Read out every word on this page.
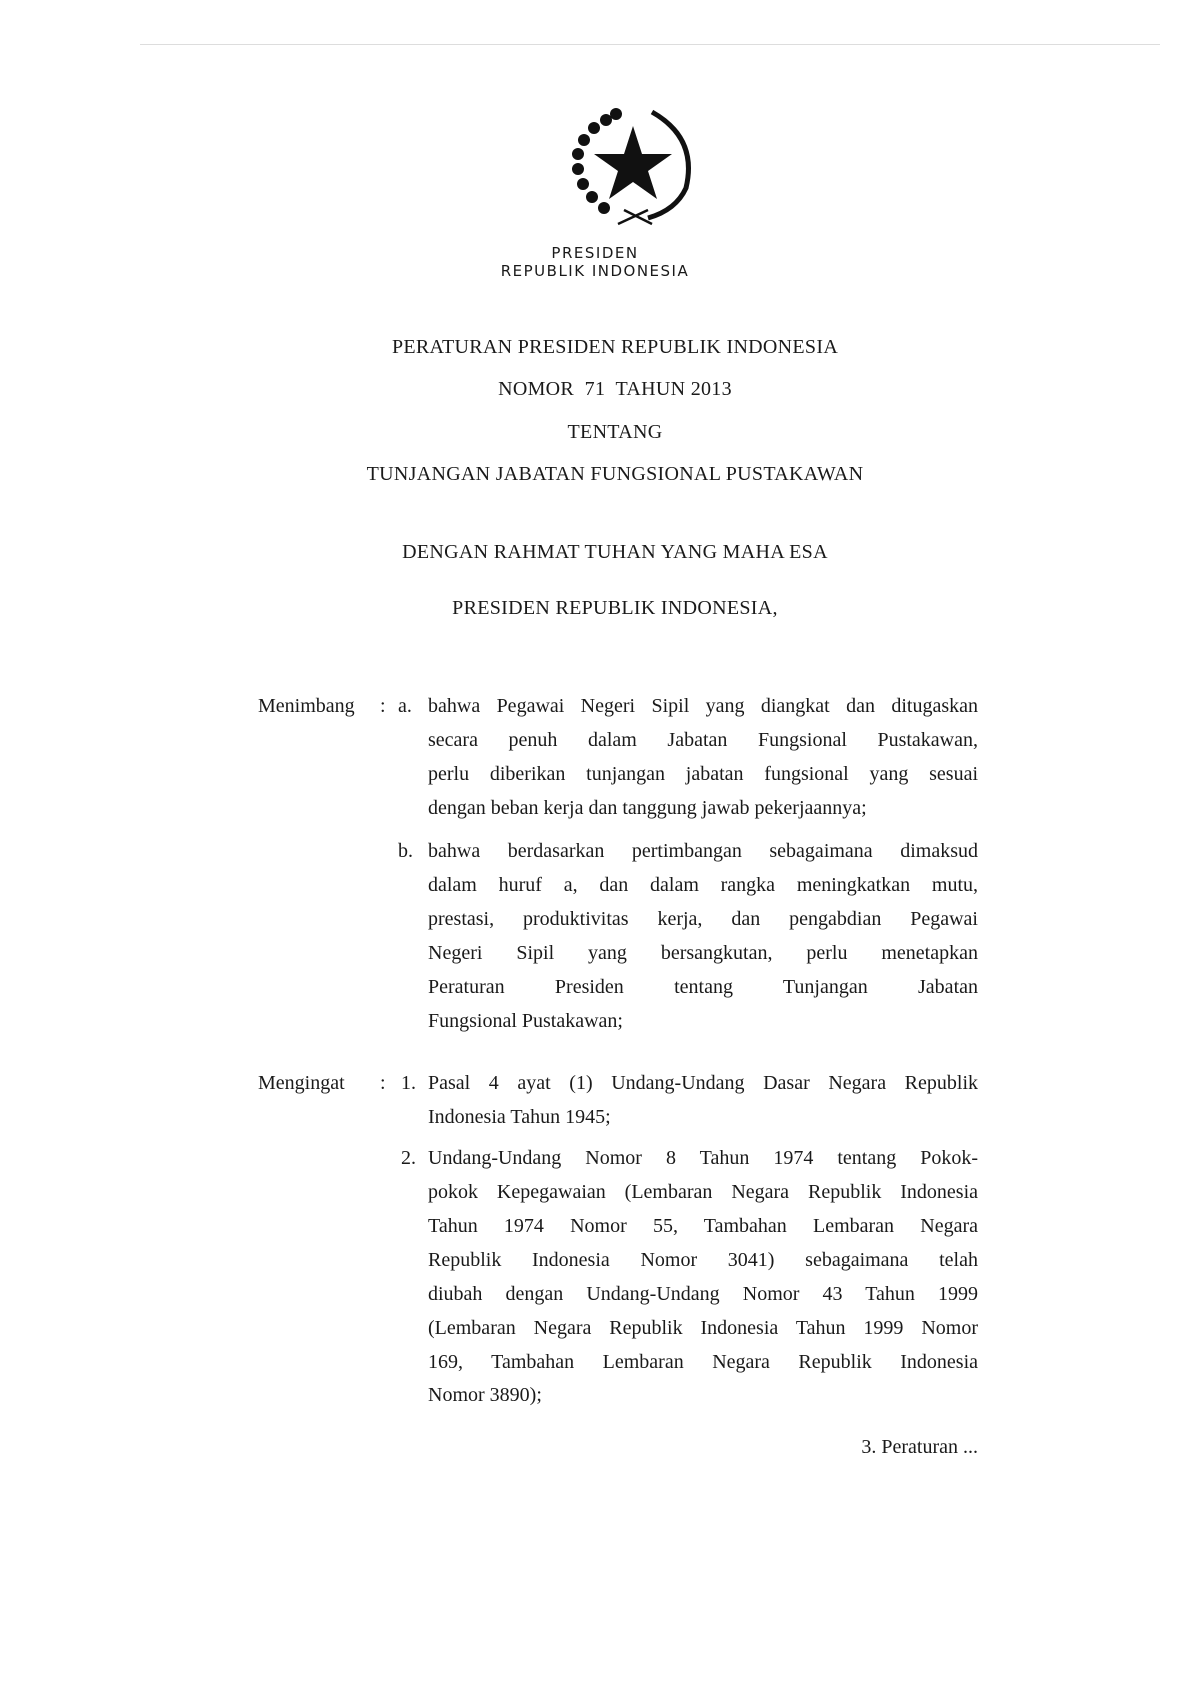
PRESIDEN
REPUBLIK INDONESIA
PERATURAN PRESIDEN REPUBLIK INDONESIA
NOMOR  71  TAHUN 2013
TENTANG
TUNJANGAN JABATAN FUNGSIONAL PUSTAKAWAN
DENGAN RAHMAT TUHAN YANG MAHA ESA
PRESIDEN REPUBLIK INDONESIA,
Menimbang : a. bahwa Pegawai Negeri Sipil yang diangkat dan ditugaskan
secara penuh dalam Jabatan Fungsional Pustakawan,
perlu diberikan tunjangan jabatan fungsional yang sesuai
dengan beban kerja dan tanggung jawab pekerjaannya;
b. bahwa berdasarkan pertimbangan sebagaimana dimaksud
dalam huruf a, dan dalam rangka meningkatkan mutu,
prestasi, produktivitas kerja, dan pengabdian Pegawai
Negeri Sipil yang bersangkutan, perlu menetapkan
Peraturan Presiden tentang Tunjangan Jabatan
Fungsional Pustakawan;
Mengingat : 1. Pasal 4 ayat (1) Undang-Undang Dasar Negara Republik
Indonesia Tahun 1945;
2. Undang-Undang Nomor 8 Tahun 1974 tentang Pokok-
pokok Kepegawaian (Lembaran Negara Republik Indonesia
Tahun 1974 Nomor 55, Tambahan Lembaran Negara
Republik Indonesia Nomor 3041) sebagaimana telah
diubah dengan Undang-Undang Nomor 43 Tahun 1999
(Lembaran Negara Republik Indonesia Tahun 1999 Nomor
169, Tambahan Lembaran Negara Republik Indonesia
Nomor 3890);
3. Peraturan ...
